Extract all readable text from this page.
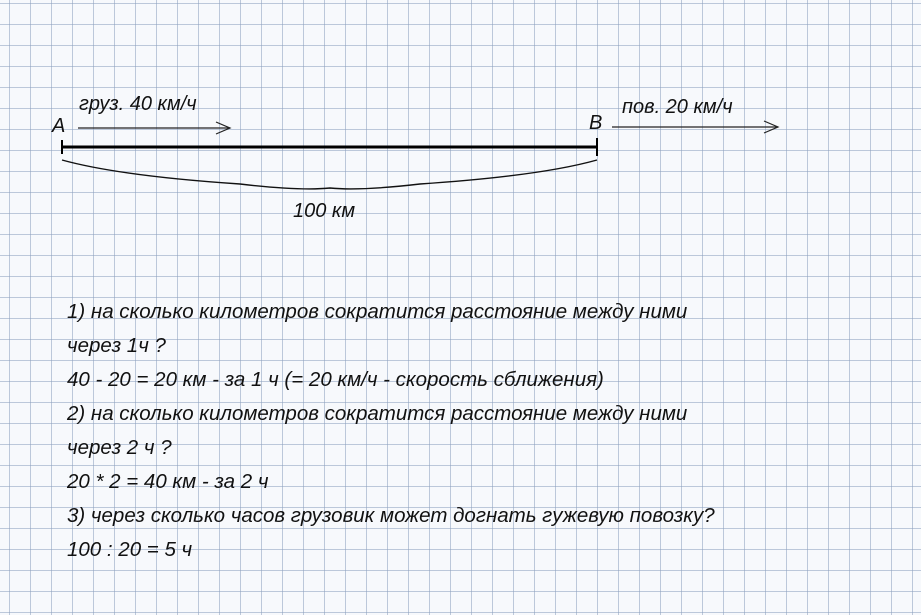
A	B
груз. 40 км/ч	пов. 20 км/ч
100 км
1) на сколько километров сократится расстояние между ними
через 1ч ?
40 - 20 = 20 км - за 1 ч (= 20 км/ч - скорость сближения)
2) на сколько километров сократится расстояние между ними
через 2 ч ?
20 * 2 = 40 км - за 2 ч
3) через сколько часов грузовик может догнать гужевую повозку?
100 : 20 = 5 ч
